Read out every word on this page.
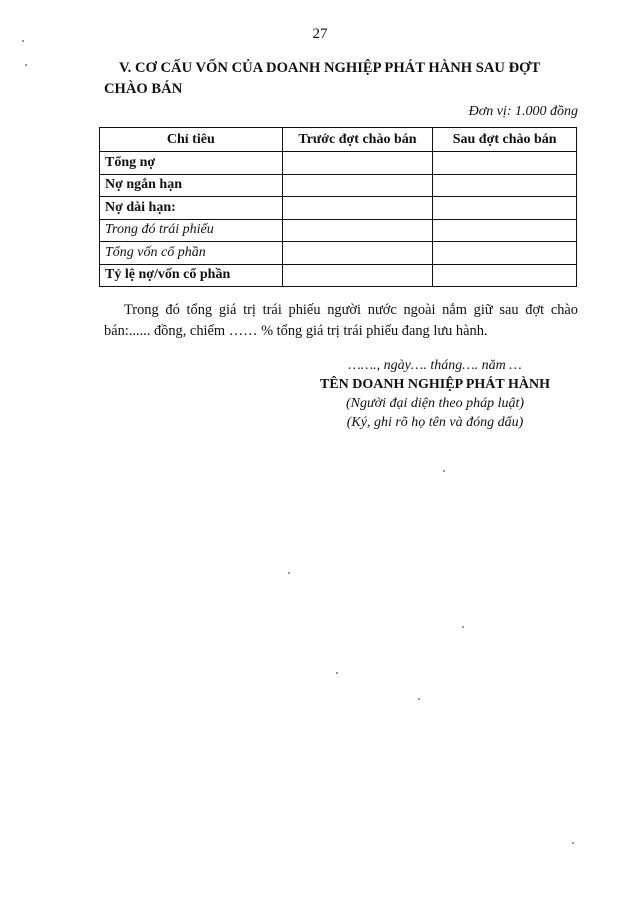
27

V. CƠ CẤU VỐN CỦA DOANH NGHIỆP PHÁT HÀNH SAU ĐỢT CHÀO BÁN

Đơn vị: 1.000 đồng
Chỉ tiêu	Trước đợt chào bán	Sau đợt chào bán
Tổng nợ		
Nợ ngắn hạn		
Nợ dài hạn:		
Trong đó trái phiếu		
Tổng vốn cổ phần		
Tỷ lệ nợ/vốn cổ phần		

Trong đó tổng giá trị trái phiếu người nước ngoài nắm giữ sau đợt chào bán:...... đồng, chiếm …… % tổng giá trị trái phiếu đang lưu hành.

……., ngày…. tháng…. năm …
TÊN DOANH NGHIỆP PHÁT HÀNH
(Người đại diện theo pháp luật)
(Ký, ghi rõ họ tên và đóng dấu)
